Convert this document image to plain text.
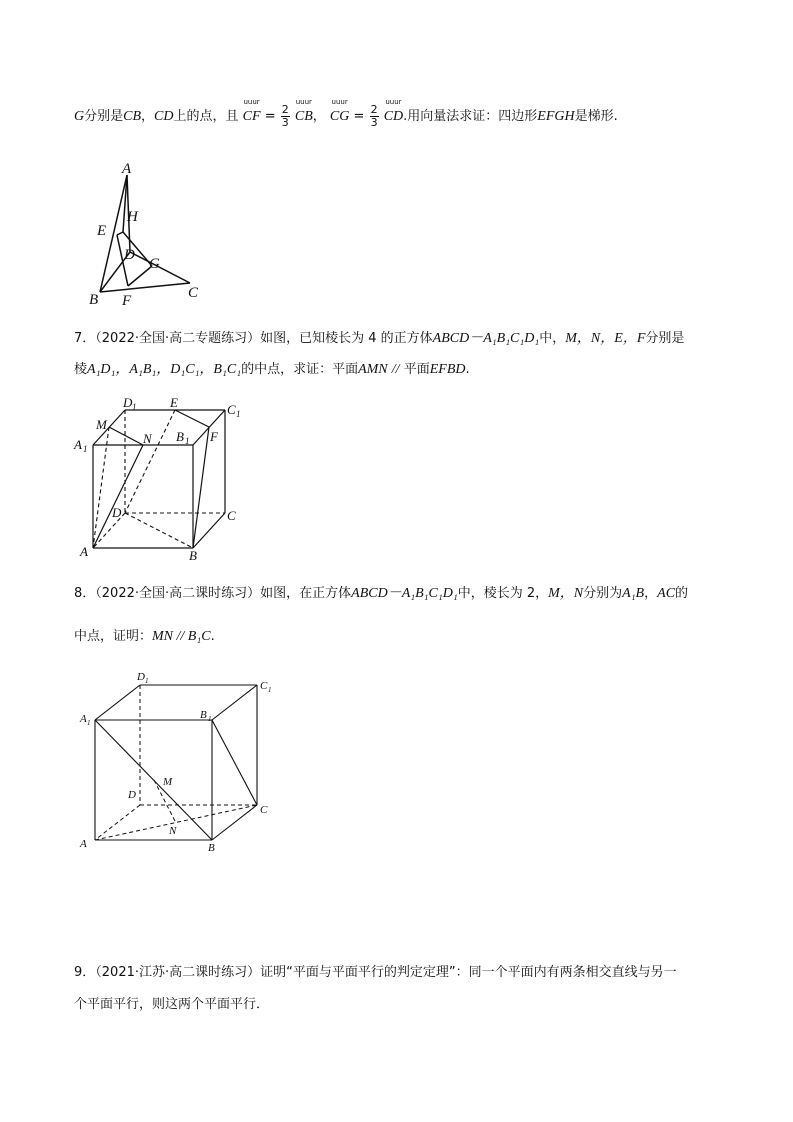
G分别是CB，CD上的点，且
uuur
CF = $\frac{2}{3}$

uuur
CB，
uuur
CG = $\frac{2}{3}$

uuur
CD.用向量法求证：四边形EFGH是梯形.
A
H
E
D
G
B F	C
7．（2022·全国·高二专题练习）如图，已知棱长为 4 的正方体ABCD－A₁B₁C₁D₁中，M，N，E，F分别是
棱A₁D₁，A₁B₁，D₁C₁，B₁C₁的中点，求证：平面AMN // 平面EFBD.
D 1	E	C 1
M
N B 1
A 1
F
D	C
A	B
8．（2022·全国·高二课时练习）如图，在正方体ABCD－A₁B₁C₁D₁中，棱长为 2，M，N分别为A₁B，AC的
中点，证明：MN // B₁C.
D 1	C 1
A 1
B 1
M
D
C
N
A	B
9．（2021·江苏·高二课时练习）证明“平面与平面平行的判定定理”：同一个平面内有两条相交直线与另一
个平面平行，则这两个平面平行．
